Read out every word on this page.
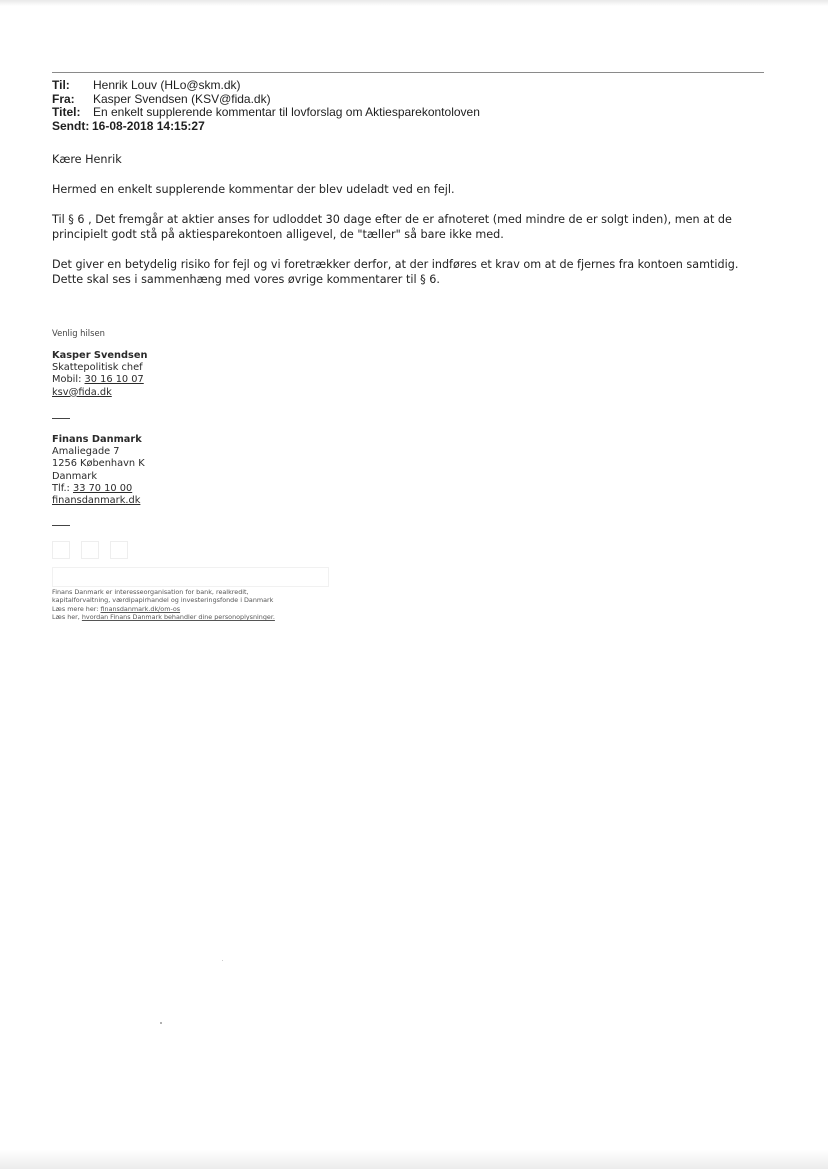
Til:	Henrik Louv (HLo@skm.dk)
Fra:	Kasper Svendsen (KSV@fida.dk)
Titel:	En enkelt supplerende kommentar til lovforslag om Aktiesparekontoloven
Sendt: 16-08-2018 14:15:27
Kære Henrik
Hermed en enkelt supplerende kommentar der blev udeladt ved en fejl.
Til § 6 , Det fremgår at aktier anses for udloddet 30 dage efter de er afnoteret (med mindre de er solgt inden), men at de
principielt godt stå på aktiesparekontoen alligevel, de "tæller" så bare ikke med.
Det giver en betydelig risiko for fejl og vi foretrækker derfor, at der indføres et krav om at de fjernes fra kontoen samtidig.
Dette skal ses i sammenhæng med vores øvrige kommentarer til § 6.
Venlig hilsen
Kasper Svendsen
Skattepolitisk chef
Mobil: 30 16 10 07
ksv@fida.dk
Finans Danmark
Amaliegade 7
1256 København K
Danmark
Tlf.: 33 70 10 00
finansdanmark.dk
Finans Danmark er interesseorganisation for bank, realkredit,
kapitalforvaltning, værdipapirhandel og investeringsfonde i Danmark
Læs mere her: finansdanmark.dk/om-os
Læs her, hvordan Finans Danmark behandler dine personoplysninger.
